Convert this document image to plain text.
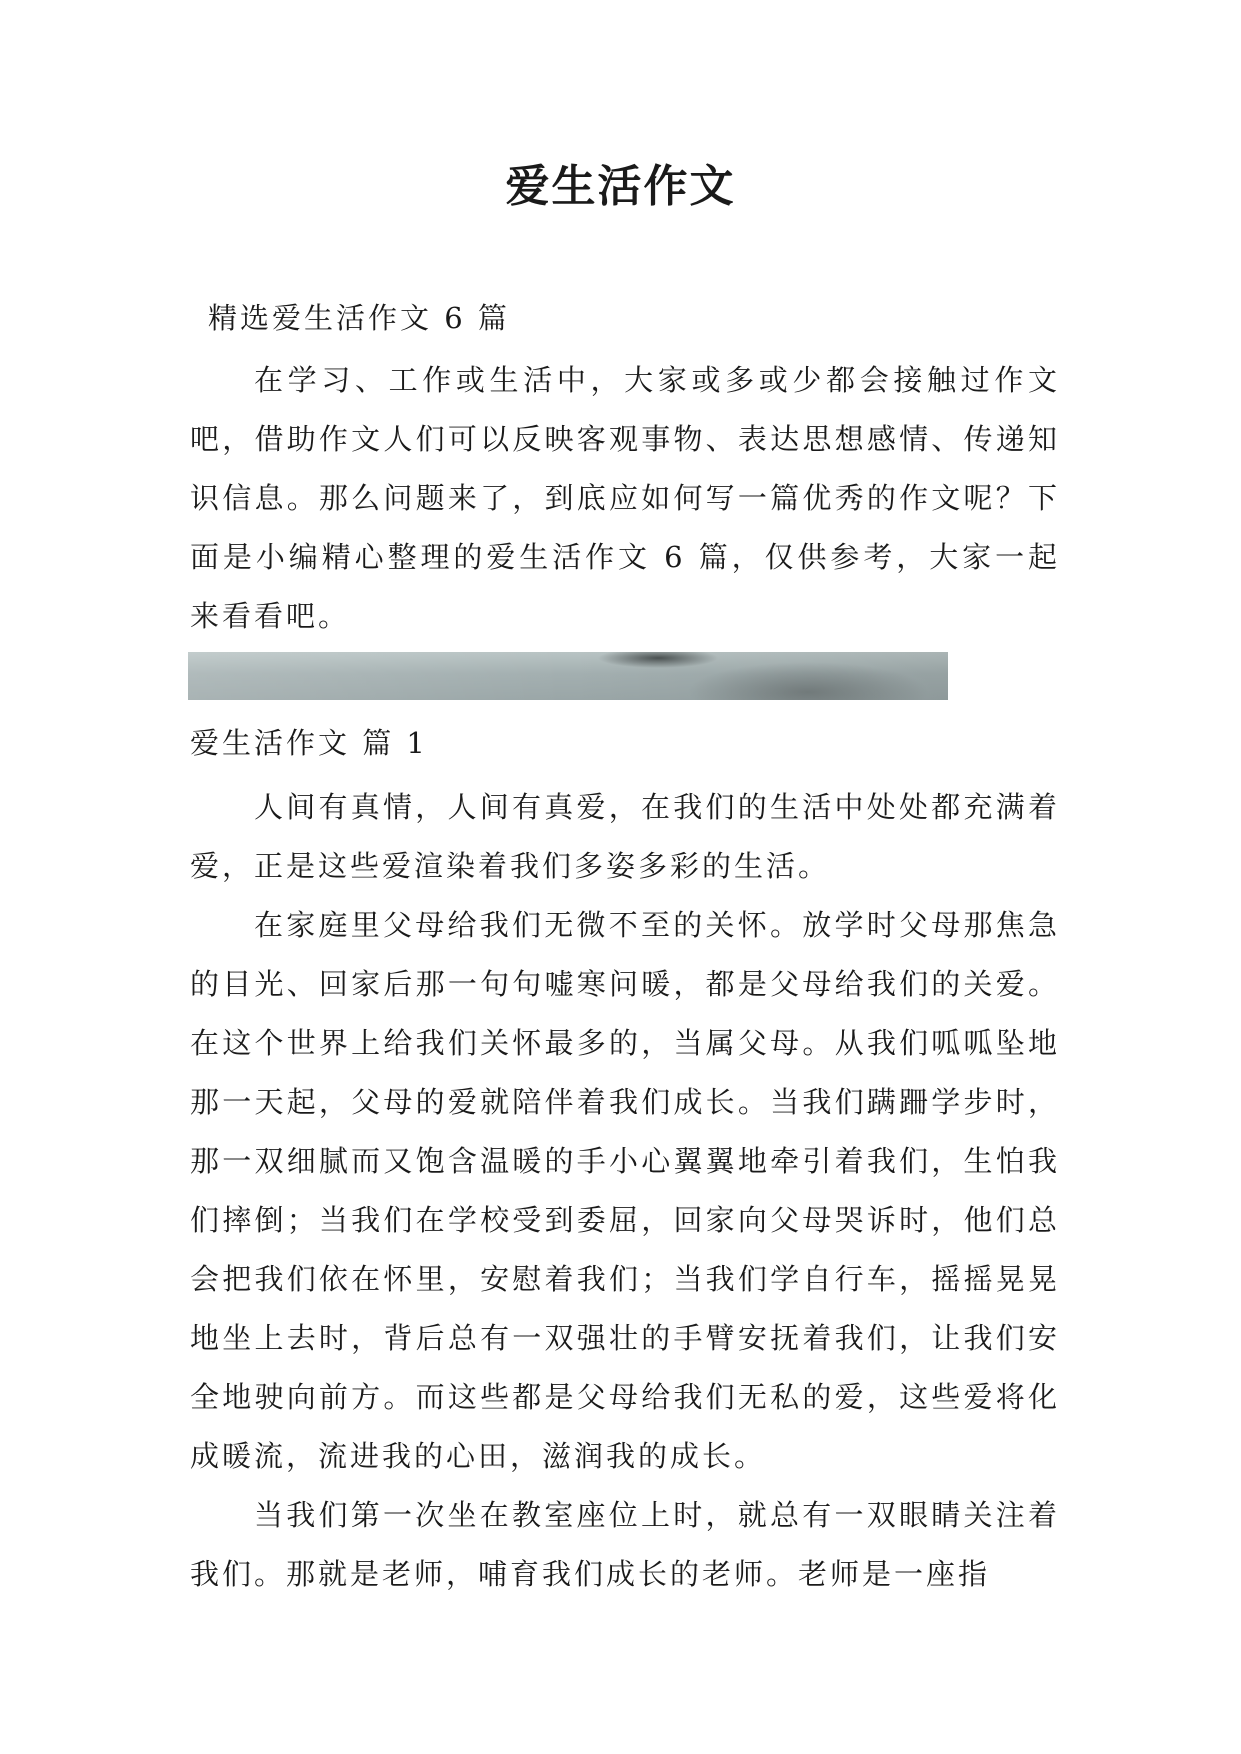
爱生活作文

精选爱生活作文 6 篇

在学习、工作或生活中，大家或多或少都会接触过作文吧，借助作文人们可以反映客观事物、表达思想感情、传递知识信息。那么问题来了，到底应如何写一篇优秀的作文呢？下面是小编精心整理的爱生活作文 6 篇，仅供参考，大家一起来看看吧。

爱生活作文 篇 1

人间有真情，人间有真爱，在我们的生活中处处都充满着爱，正是这些爱渲染着我们多姿多彩的生活。

在家庭里父母给我们无微不至的关怀。放学时父母那焦急的目光、回家后那一句句嘘寒问暖，都是父母给我们的关爱。在这个世界上给我们关怀最多的，当属父母。从我们呱呱坠地那一天起，父母的爱就陪伴着我们成长。当我们蹒跚学步时，那一双细腻而又饱含温暖的手小心翼翼地牵引着我们，生怕我们摔倒；当我们在学校受到委屈，回家向父母哭诉时，他们总会把我们依在怀里，安慰着我们；当我们学自行车，摇摇晃晃地坐上去时，背后总有一双强壮的手臂安抚着我们，让我们安全地驶向前方。而这些都是父母给我们无私的爱，这些爱将化成暖流，流进我的心田，滋润我的成长。

当我们第一次坐在教室座位上时，就总有一双眼睛关注着我们。那就是老师，哺育我们成长的老师。老师是一座指
